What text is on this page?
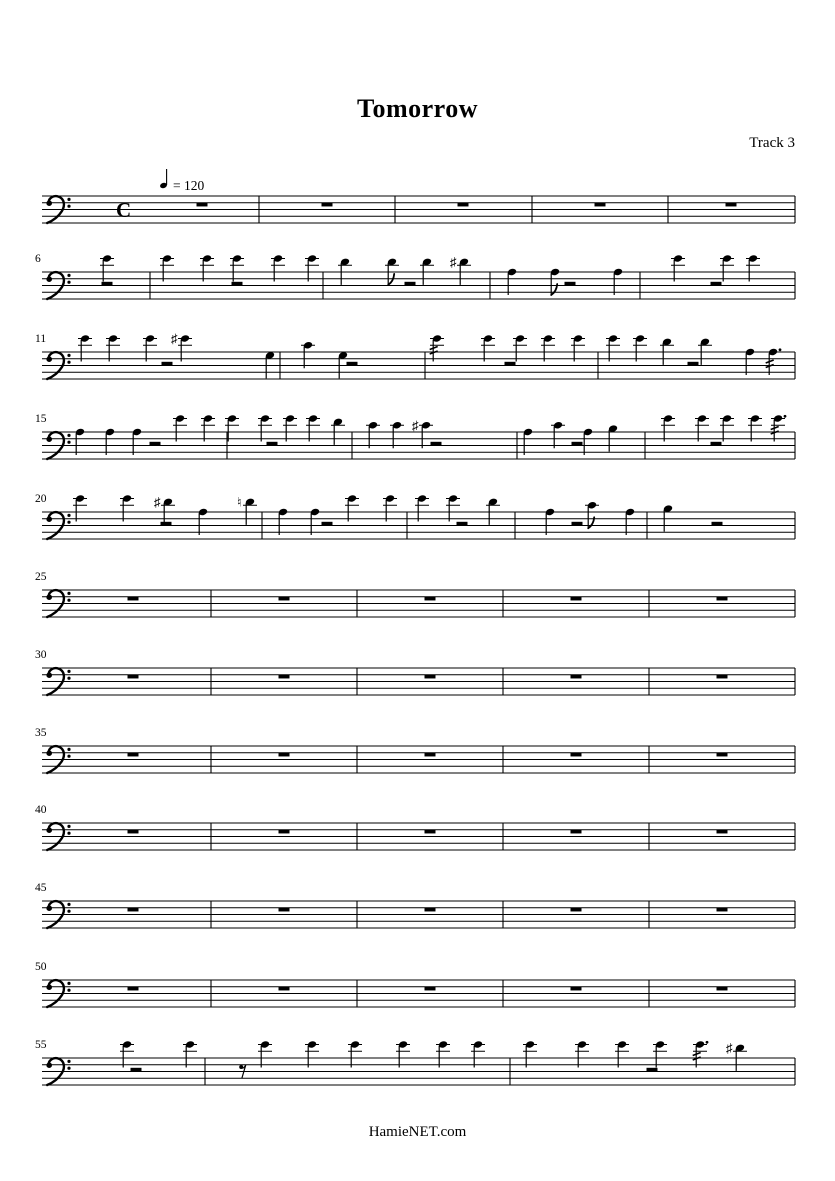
Tomorrow
Track 3
C
= 120
6	♯
11	♯
15	♯
20	♯	♮
25
30
35
40
45
50
55	♯
HamieNET.com
